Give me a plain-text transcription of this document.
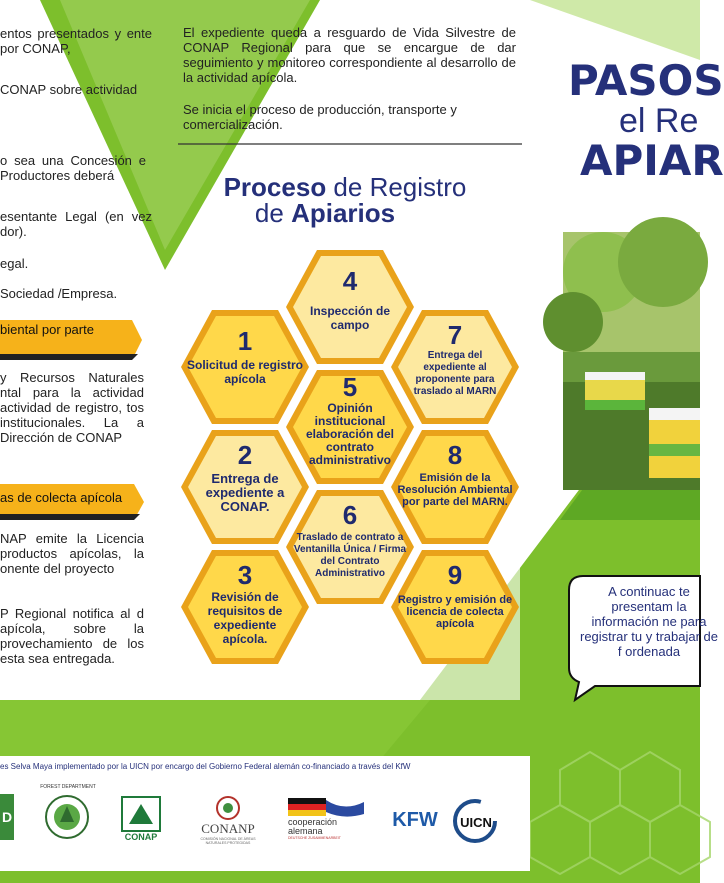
entos presentados y ente por CONAP,
CONAP sobre actividad
o sea una Concesión e Productores deberá
esentante Legal (en vez dor).
egal.
Sociedad /Empresa.
biental por parte
y Recursos Naturales ntal para la actividad actividad de registro, tos institucionales. La a Dirección de CONAP
as de colecta apícola
NAP emite la Licencia productos apícolas, la onente del proyecto
P Regional notifica al d apícola, sobre la provechamiento de los esta sea entregada.
El expediente queda a resguardo de Vida Silvestre de CONAP Regional para que se encargue de dar seguimiento y monitoreo correspondiente al desarrollo de la actividad apícola.
Se inicia el proceso de producción, transporte y comercialización.
Proceso de Registro
de Apiarios
4
Inspección de campo
1
Solicitud de registro apícola
7
Entrega del expediente al proponente para traslado al MARN
5
Opinión institucional elaboración del contrato administrativo
2
Entrega de expediente a CONAP.
8
Emisión de la Resolución Ambiental por parte del MARN.
6
Traslado de contrato a Ventanilla Única / Firma del Contrato Administrativo
3
Revisión de requisitos de expediente apícola.
9
Registro y emisión de licencia de colecta apícola
PASOS
el Re
APIAR
A continuac te presentam la información ne para registrar tu y trabajar de f ordenada
es Selva Maya implementado por la UICN por encargo del Gobierno Federal alemán co-financiado a través del KfW
D
FOREST DEPARTMENT
CONAP
CONANP
COMISIÓN NACIONAL DE ÁREAS NATURALES PROTEGIDAS
cooperación
alemana
DEUTSCHE ZUSAMMENARBEIT
KFW UICN
